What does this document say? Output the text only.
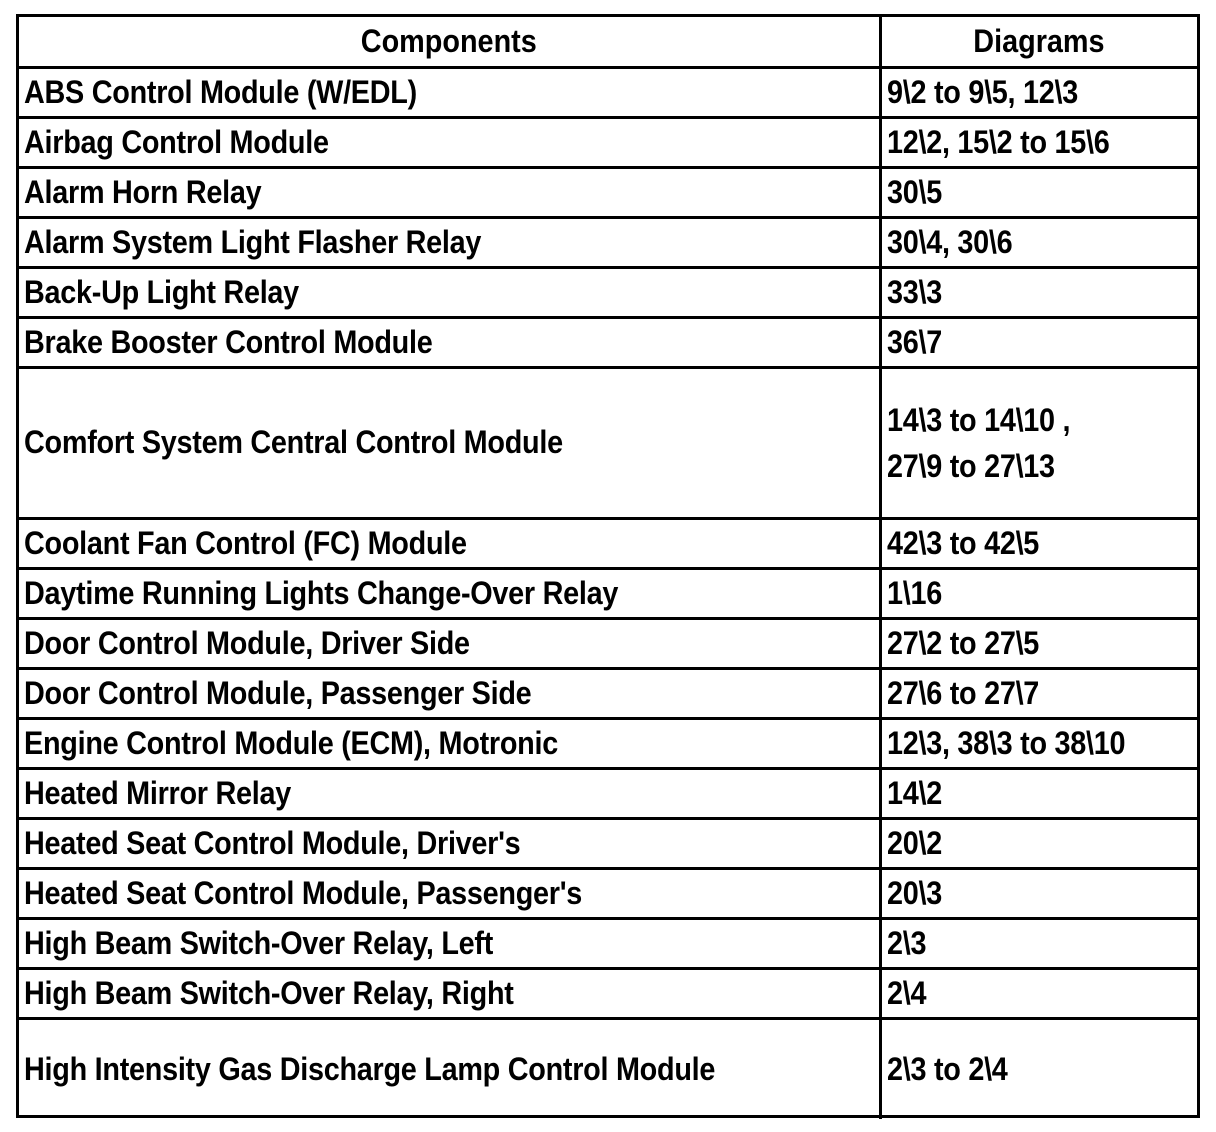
Components	Diagrams
ABS Control Module (W/EDL)	9\2 to 9\5, 12\3

Airbag Control Module	12\2, 15\2 to 15\6

Alarm Horn Relay	30\5

Alarm System Light Flasher Relay	30\4, 30\6

Back-Up Light Relay	33\3

Brake Booster Control Module	36\7

Comfort System Central Control Module	14\3 to 14\10 ,
27\9 to 27\13

Coolant Fan Control (FC) Module	42\3 to 42\5

Daytime Running Lights Change-Over Relay	1\16

Door Control Module, Driver Side	27\2 to 27\5

Door Control Module, Passenger Side	27\6 to 27\7

Engine Control Module (ECM), Motronic	12\3, 38\3 to 38\10

Heated Mirror Relay	14\2

Heated Seat Control Module, Driver's	20\2

Heated Seat Control Module, Passenger's	20\3

High Beam Switch-Over Relay, Left	2\3

High Beam Switch-Over Relay, Right	2\4

High Intensity Gas Discharge Lamp Control Module	2\3 to 2\4
